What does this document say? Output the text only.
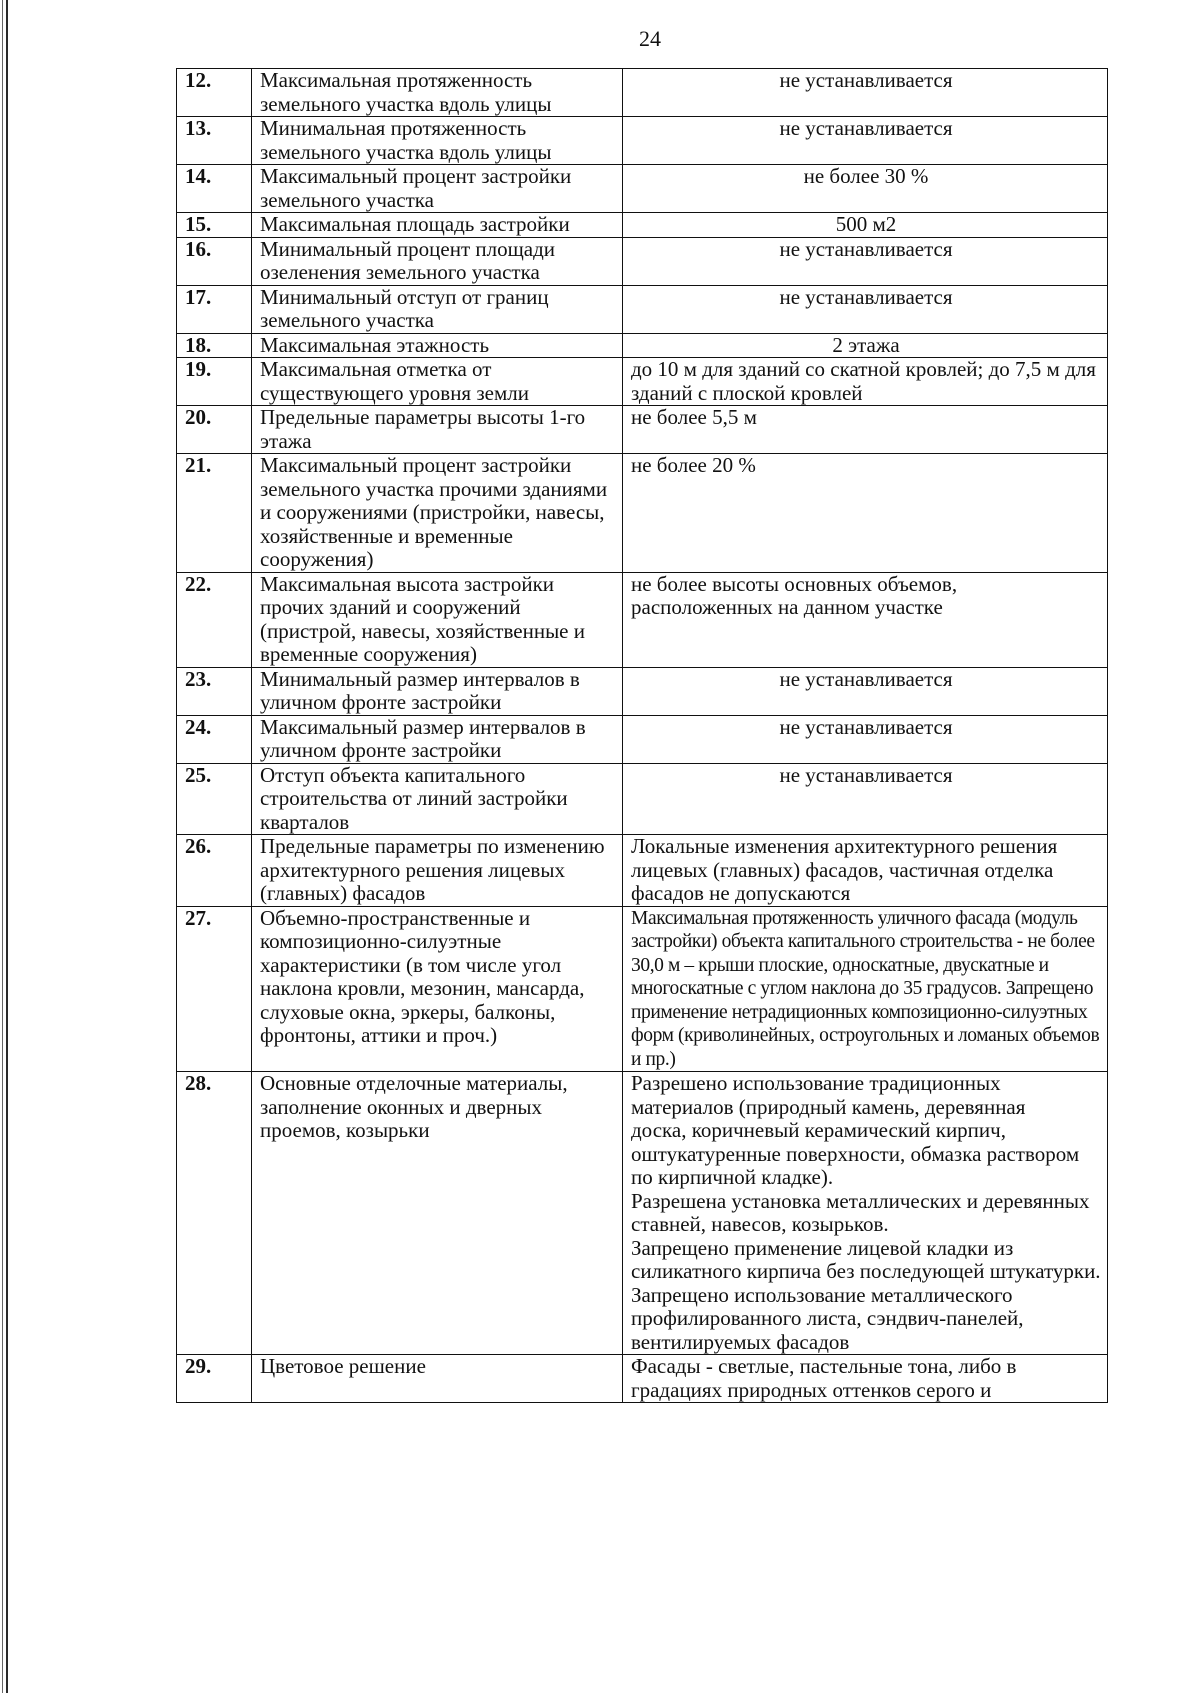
24
12.	Максимальная протяженность земельного участка вдоль улицы	не устанавливается
13.	Минимальная протяженность земельного участка вдоль улицы	не устанавливается
14.	Максимальный процент застройки земельного участка	не более 30 %
15.	Максимальная площадь застройки	500 м2
16.	Минимальный процент площади озеленения земельного участка	не устанавливается
17.	Минимальный отступ от границ земельного участка	не устанавливается
18.	Максимальная этажность	2 этажа
19.	Максимальная отметка от существующего уровня земли	до 10 м для зданий со скатной кровлей; до 7,5 м для зданий с плоской кровлей
20.	Предельные параметры высоты 1-го этажа	не более 5,5 м
21.	Максимальный процент застройки земельного участка прочими зданиями и сооружениями (пристройки, навесы, хозяйственные и временные сооружения)	не более 20 %
22.	Максимальная высота застройки прочих зданий и сооружений (пристрой, навесы, хозяйственные и временные сооружения)	не более высоты основных объемов, расположенных на данном участке
23.	Минимальный размер интервалов в уличном фронте застройки	не устанавливается
24.	Максимальный размер интервалов в уличном фронте застройки	не устанавливается
25.	Отступ объекта капитального строительства от линий застройки кварталов	не устанавливается
26.	Предельные параметры по изменению архитектурного решения лицевых (главных) фасадов	Локальные изменения архитектурного решения лицевых (главных) фасадов, частичная отделка фасадов не допускаются
27.	Объемно-пространственные и композиционно-силуэтные характеристики (в том числе угол наклона кровли, мезонин, мансарда, слуховые окна, эркеры, балконы, фронтоны, аттики и проч.)	Максимальная протяженность уличного фасада (модуль застройки) объекта капитального строительства - не более 30,0 м – крыши плоские, односкатные, двускатные и многоскатные с углом наклона до 35 градусов. Запрещено применение нетрадиционных композиционно-силуэтных форм (криволинейных, остроугольных и ломаных объемов и пр.)
28.	Основные отделочные материалы, заполнение оконных и дверных проемов, козырьки	Разрешено использование традиционных материалов (природный камень, деревянная
доска, коричневый керамический кирпич, оштукатуренные поверхности, обмазка раствором по кирпичной кладке).
Разрешена установка металлических и деревянных ставней, навесов, козырьков.
Запрещено применение лицевой кладки из силикатного кирпича без последующей штукатурки.
Запрещено использование металлического профилированного листа, сэндвич-панелей, вентилируемых фасадов
29.	Цветовое решение	Фасады - светлые, пастельные тона, либо в градациях природных оттенков серого и
